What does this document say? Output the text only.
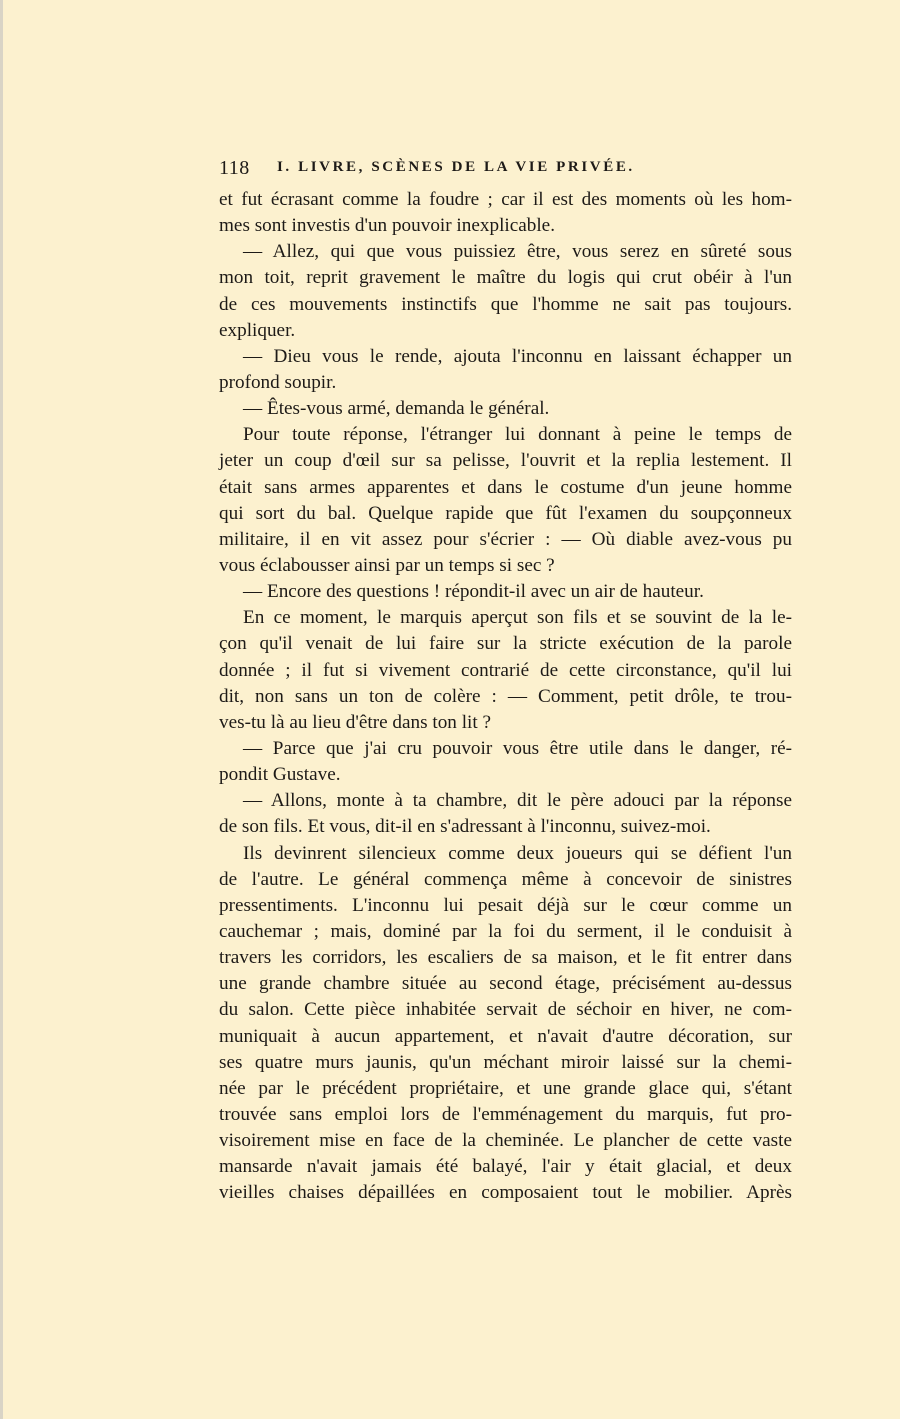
118 I. LIVRE, SCÈNES DE LA VIE PRIVÉE.
et fut écrasant comme la foudre ; car il est des moments où les hom-
mes sont investis d'un pouvoir inexplicable.
— Allez, qui que vous puissiez être, vous serez en sûreté sous
mon toit, reprit gravement le maître du logis qui crut obéir à l'un
de ces mouvements instinctifs que l'homme ne sait pas toujours.
expliquer.
— Dieu vous le rende, ajouta l'inconnu en laissant échapper un
profond soupir.
— Êtes-vous armé, demanda le général.
Pour toute réponse, l'étranger lui donnant à peine le temps de
jeter un coup d'œil sur sa pelisse, l'ouvrit et la replia lestement. Il
était sans armes apparentes et dans le costume d'un jeune homme
qui sort du bal. Quelque rapide que fût l'examen du soupçonneux
militaire, il en vit assez pour s'écrier : — Où diable avez-vous pu
vous éclabousser ainsi par un temps si sec ?
— Encore des questions ! répondit-il avec un air de hauteur.
En ce moment, le marquis aperçut son fils et se souvint de la le-
çon qu'il venait de lui faire sur la stricte exécution de la parole
donnée ; il fut si vivement contrarié de cette circonstance, qu'il lui
dit, non sans un ton de colère : — Comment, petit drôle, te trou-
ves-tu là au lieu d'être dans ton lit ?
— Parce que j'ai cru pouvoir vous être utile dans le danger, ré-
pondit Gustave.
— Allons, monte à ta chambre, dit le père adouci par la réponse
de son fils. Et vous, dit-il en s'adressant à l'inconnu, suivez-moi.
Ils devinrent silencieux comme deux joueurs qui se défient l'un
de l'autre. Le général commença même à concevoir de sinistres
pressentiments. L'inconnu lui pesait déjà sur le cœur comme un
cauchemar ; mais, dominé par la foi du serment, il le conduisit à
travers les corridors, les escaliers de sa maison, et le fit entrer dans
une grande chambre située au second étage, précisément au-dessus
du salon. Cette pièce inhabitée servait de séchoir en hiver, ne com-
muniquait à aucun appartement, et n'avait d'autre décoration, sur
ses quatre murs jaunis, qu'un méchant miroir laissé sur la chemi-
née par le précédent propriétaire, et une grande glace qui, s'étant
trouvée sans emploi lors de l'emménagement du marquis, fut pro-
visoirement mise en face de la cheminée. Le plancher de cette vaste
mansarde n'avait jamais été balayé, l'air y était glacial, et deux
vieilles chaises dépaillées en composaient tout le mobilier. Après
